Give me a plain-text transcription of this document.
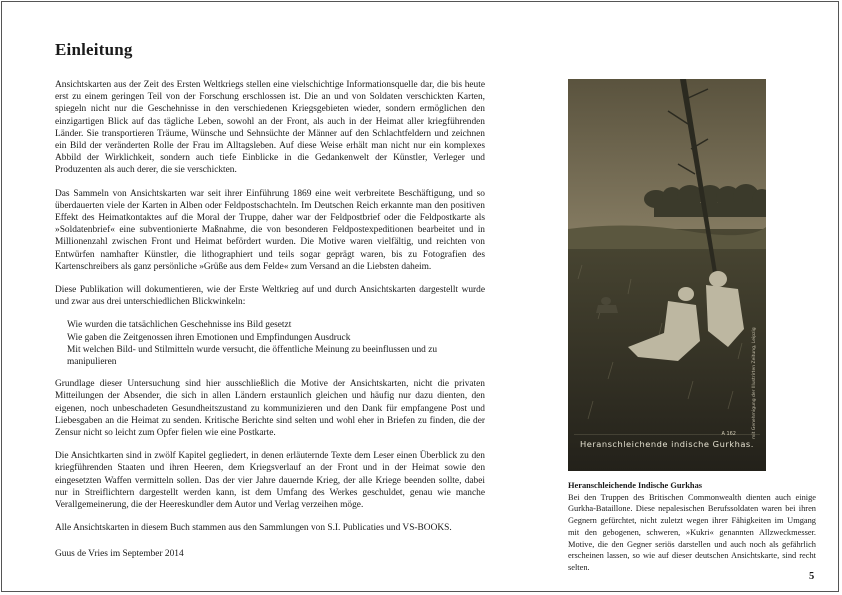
Einleitung

Ansichtskarten aus der Zeit des Ersten Weltkriegs stellen eine vielschichtige Informationsquelle dar, die bis heute erst zu einem geringen Teil von der Forschung erschlossen ist. Die an und von Soldaten verschickten Karten, spiegeln nicht nur die Geschehnisse in den verschiedenen Kriegsgebieten wieder, sondern ermöglichen den einzigartigen Blick auf das tägliche Leben, sowohl an der Front, als auch in der Heimat aller kriegführenden Länder. Sie transportieren Träume, Wünsche und Sehnsüchte der Männer auf den Schlachtfeldern und zeichnen ein Bild der veränderten Rolle der Frau im Alltagsleben. Auf diese Weise erhält man nicht nur ein komplexes Abbild der Wirklichkeit, sondern auch tiefe Einblicke in die Gedankenwelt der Künstler, Verleger und Produzenten als auch derer, die sie verschickten.

Das Sammeln von Ansichtskarten war seit ihrer Einführung 1869 eine weit verbreitete Beschäftigung, und so überdauerten viele der Karten in Alben oder Feldpostschachteln. Im Deutschen Reich erkannte man den positiven Effekt des Heimatkontaktes auf die Moral der Truppe, daher war der Feldpostbrief oder die Feldpostkarte als »Soldatenbrief« eine subventionierte Maßnahme, die von besonderen Feldpostexpeditionen bearbeitet und in Millionenzahl zwischen Front und Heimat befördert wurden. Die Motive waren vielfältig, und reichten von Entwürfen namhafter Künstler, die lithographiert und teils sogar geprägt waren, bis zu Fotografien des Kartenschreibers als ganz persönliche »Grüße aus dem Felde« zum Versand an die Liebsten daheim.

Diese Publikation will dokumentieren, wie der Erste Weltkrieg auf und durch Ansichtskarten dargestellt wurde und zwar aus drei unterschiedlichen Blickwinkeln:

Wie wurden die tatsächlichen Geschehnisse ins Bild gesetzt
Wie gaben die Zeitgenossen ihren Emotionen und Empfindungen Ausdruck
Mit welchen Bild- und Stilmitteln wurde versucht, die öffentliche Meinung zu beeinflussen und zu manipulieren

Grundlage dieser Untersuchung sind hier ausschließlich die Motive der Ansichtskarten, nicht die privaten Mitteilungen der Absender, die sich in allen Ländern erstaunlich gleichen und häufig nur dazu dienten, den eigenen, noch unbeschadeten Gesundheitszustand zu kommunizieren und den Dank für empfangene Post und Liebesgaben an die Heimat zu senden. Kritische Berichte sind selten und wohl eher in Briefen zu finden, die der Zensur nicht so leicht zum Opfer fielen wie eine Postkarte.

Die Ansichtkarten sind in zwölf Kapitel gegliedert, in denen erläuternde Texte dem Leser einen Überblick zu den kriegführenden Staaten und ihren Heeren, dem Kriegsverlauf an der Front und in der Heimat sowie den eingesetzten Waffen vermitteln sollen. Das der vier Jahre dauernde Krieg, der alle Kriege beenden sollte, dabei nur in Streiflichtern dargestellt werden kann, ist dem Umfang des Werkes geschuldet, genau wie manche Verallgemeinerung, die der Heereskundler dem Autor und Verlag verzeihen möge.

Alle Ansichtskarten in diesem Buch stammen aus den Sammlungen von S.I. Publicaties und VS-BOOKS.

Guus de Vries im September 2014
A 162
Heranschleichende indische Gurkhas.
mit Genehmigung der Illustrirten Zeitung, Leipzig
Heranschleichende Indische Gurkhas
Bei den Truppen des Britischen Commonwealth dienten auch einige Gurkha-Bataillone. Diese nepalesischen Berufssoldaten waren bei ihren Gegnern gefürchtet, nicht zuletzt wegen ihrer Fähigkeiten im Umgang mit den gebogenen, schweren, »Kukri« genannten Allzweckmesser. Motive, die den Gegner seriös darstellen und auch noch als gefährlich erscheinen lassen, so wie auf dieser deutschen Ansichtskarte, sind recht selten.
5
